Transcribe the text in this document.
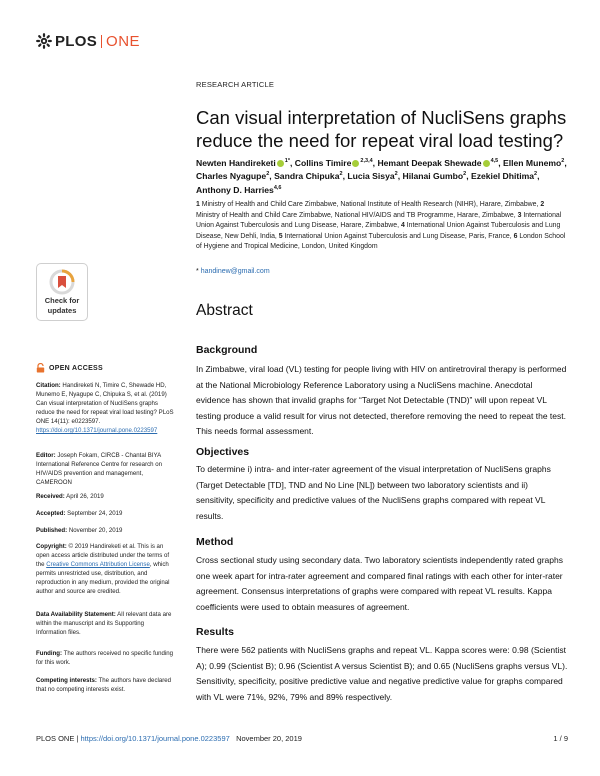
PLOS ONE
RESEARCH ARTICLE
Can visual interpretation of NucliSens graphs reduce the need for repeat viral load testing?
Newten Handireketi $^{1*}$, Collins Timire $^{2,3,4}$, Hemant Deepak Shewade $^{4,5}$, Ellen Munemo$^2$, Charles Nyagupe$^2$, Sandra Chipuka$^2$, Lucia Sisya$^2$, Hilanai Gumbo$^2$, Ezekiel Dhitima$^2$, Anthony D. Harries$^{4,6}$
1 Ministry of Health and Child Care Zimbabwe, National Institute of Health Research (NIHR), Harare, Zimbabwe, 2 Ministry of Health and Child Care Zimbabwe, National HIV/AIDS and TB Programme, Harare, Zimbabwe, 3 International Union Against Tuberculosis and Lung Disease, Harare, Zimbabwe, 4 International Union Against Tuberculosis and Lung Disease, New Dehli, India, 5 International Union Against Tuberculosis and Lung Disease, Paris, France, 6 London School of Hygiene and Tropical Medicine, London, United Kingdom
* handinew@gmail.com
Check for
updates
OPEN ACCESS
Citation: Handireketi N, Timire C, Shewade HD, Munemo E, Nyagupe C, Chipuka S, et al. (2019) Can visual interpretation of NucliSens graphs reduce the need for repeat viral load testing? PLoS ONE 14(11): e0223597. https://doi.org/10.1371/journal.pone.0223597
Editor: Joseph Fokam, CIRCB - Chantal BIYA International Reference Centre for research on HIV/AIDS prevention and management, CAMEROON
Received: April 26, 2019
Accepted: September 24, 2019
Published: November 20, 2019
Copyright: © 2019 Handireketi et al. This is an open access article distributed under the terms of the Creative Commons Attribution License, which permits unrestricted use, distribution, and reproduction in any medium, provided the original author and source are credited.
Data Availability Statement: All relevant data are within the manuscript and its Supporting Information files.
Funding: The authors received no specific funding for this work.
Competing interests: The authors have declared that no competing interests exist.
Abstract
Background
In Zimbabwe, viral load (VL) testing for people living with HIV on antiretroviral therapy is performed at the National Microbiology Reference Laboratory using a NucliSens machine. Anecdotal evidence has shown that invalid graphs for “Target Not Detectable (TND)” will upon repeat VL testing produce a valid result for virus not detected, therefore removing the need to repeat the test. This needs formal assessment.
Objectives
To determine i) intra- and inter-rater agreement of the visual interpretation of NucliSens graphs (Target Detectable [TD], TND and No Line [NL]) between two laboratory scientists and ii) sensitivity, specificity and predictive values of the NucliSens graphs compared with repeat VL results.
Method
Cross sectional study using secondary data. Two laboratory scientists independently rated graphs one week apart for intra-rater agreement and compared final ratings with each other for inter-rater agreement. Consensus interpretations of graphs were compared with repeat VL results. Kappa coefficients were used to obtain measures of agreement.
Results
There were 562 patients with NucliSens graphs and repeat VL. Kappa scores were: 0.98 (Scientist A); 0.99 (Scientist B); 0.96 (Scientist A versus Scientist B); and 0.65 (NucliSens graphs versus VL). Sensitivity, specificity, positive predictive value and negative predictive value for graphs compared with VL were 71%, 92%, 79% and 89% respectively.
PLOS ONE | https://doi.org/10.1371/journal.pone.0223597 November 20, 2019	1 / 9
